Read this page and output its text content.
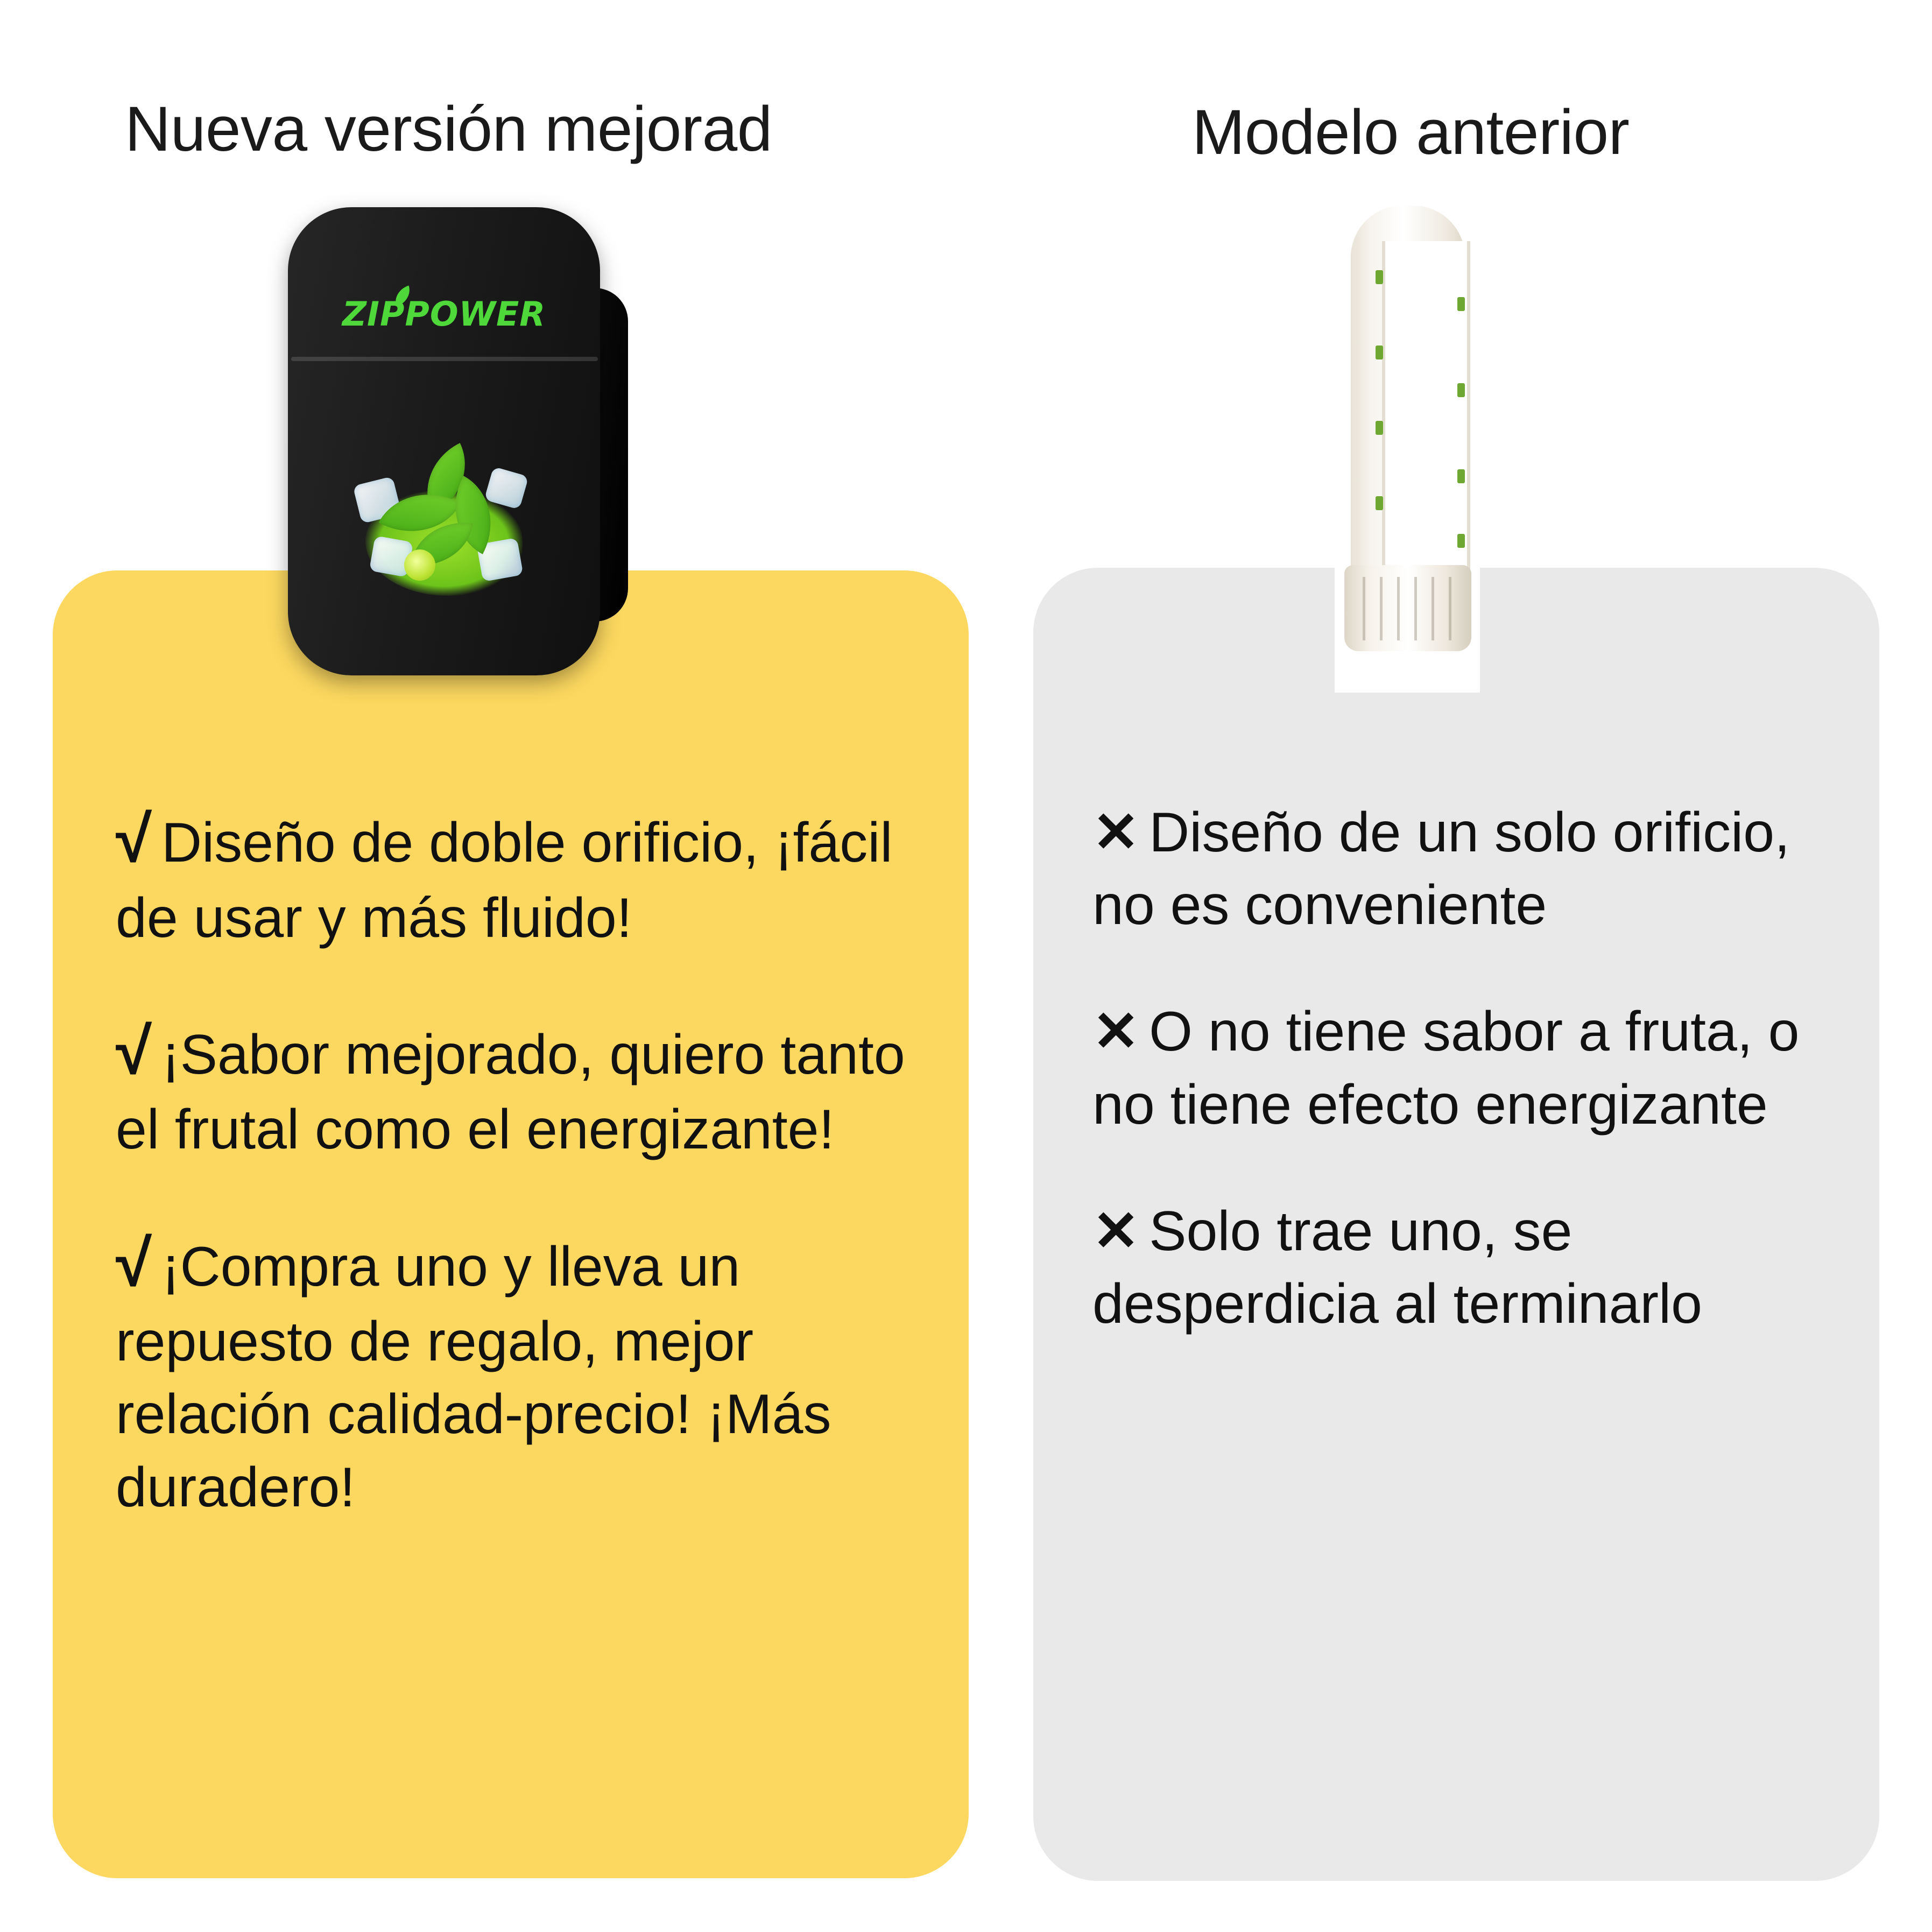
Nueva versión mejorad	Modelo anterior
√ Diseño de doble orificio, ¡fácil de usar y más fluido!
√ ¡Sabor mejorado, quiero tanto el frutal como el energizante!
√ ¡Compra uno y lleva un repuesto de regalo, mejor relación calidad-precio! ¡Más duradero!
✕ Diseño de un solo orificio, no es conveniente
✕ O no tiene sabor a fruta, o no tiene efecto energizante
✕ Solo trae uno, se desperdicia al terminarlo
ZIPPOWER
